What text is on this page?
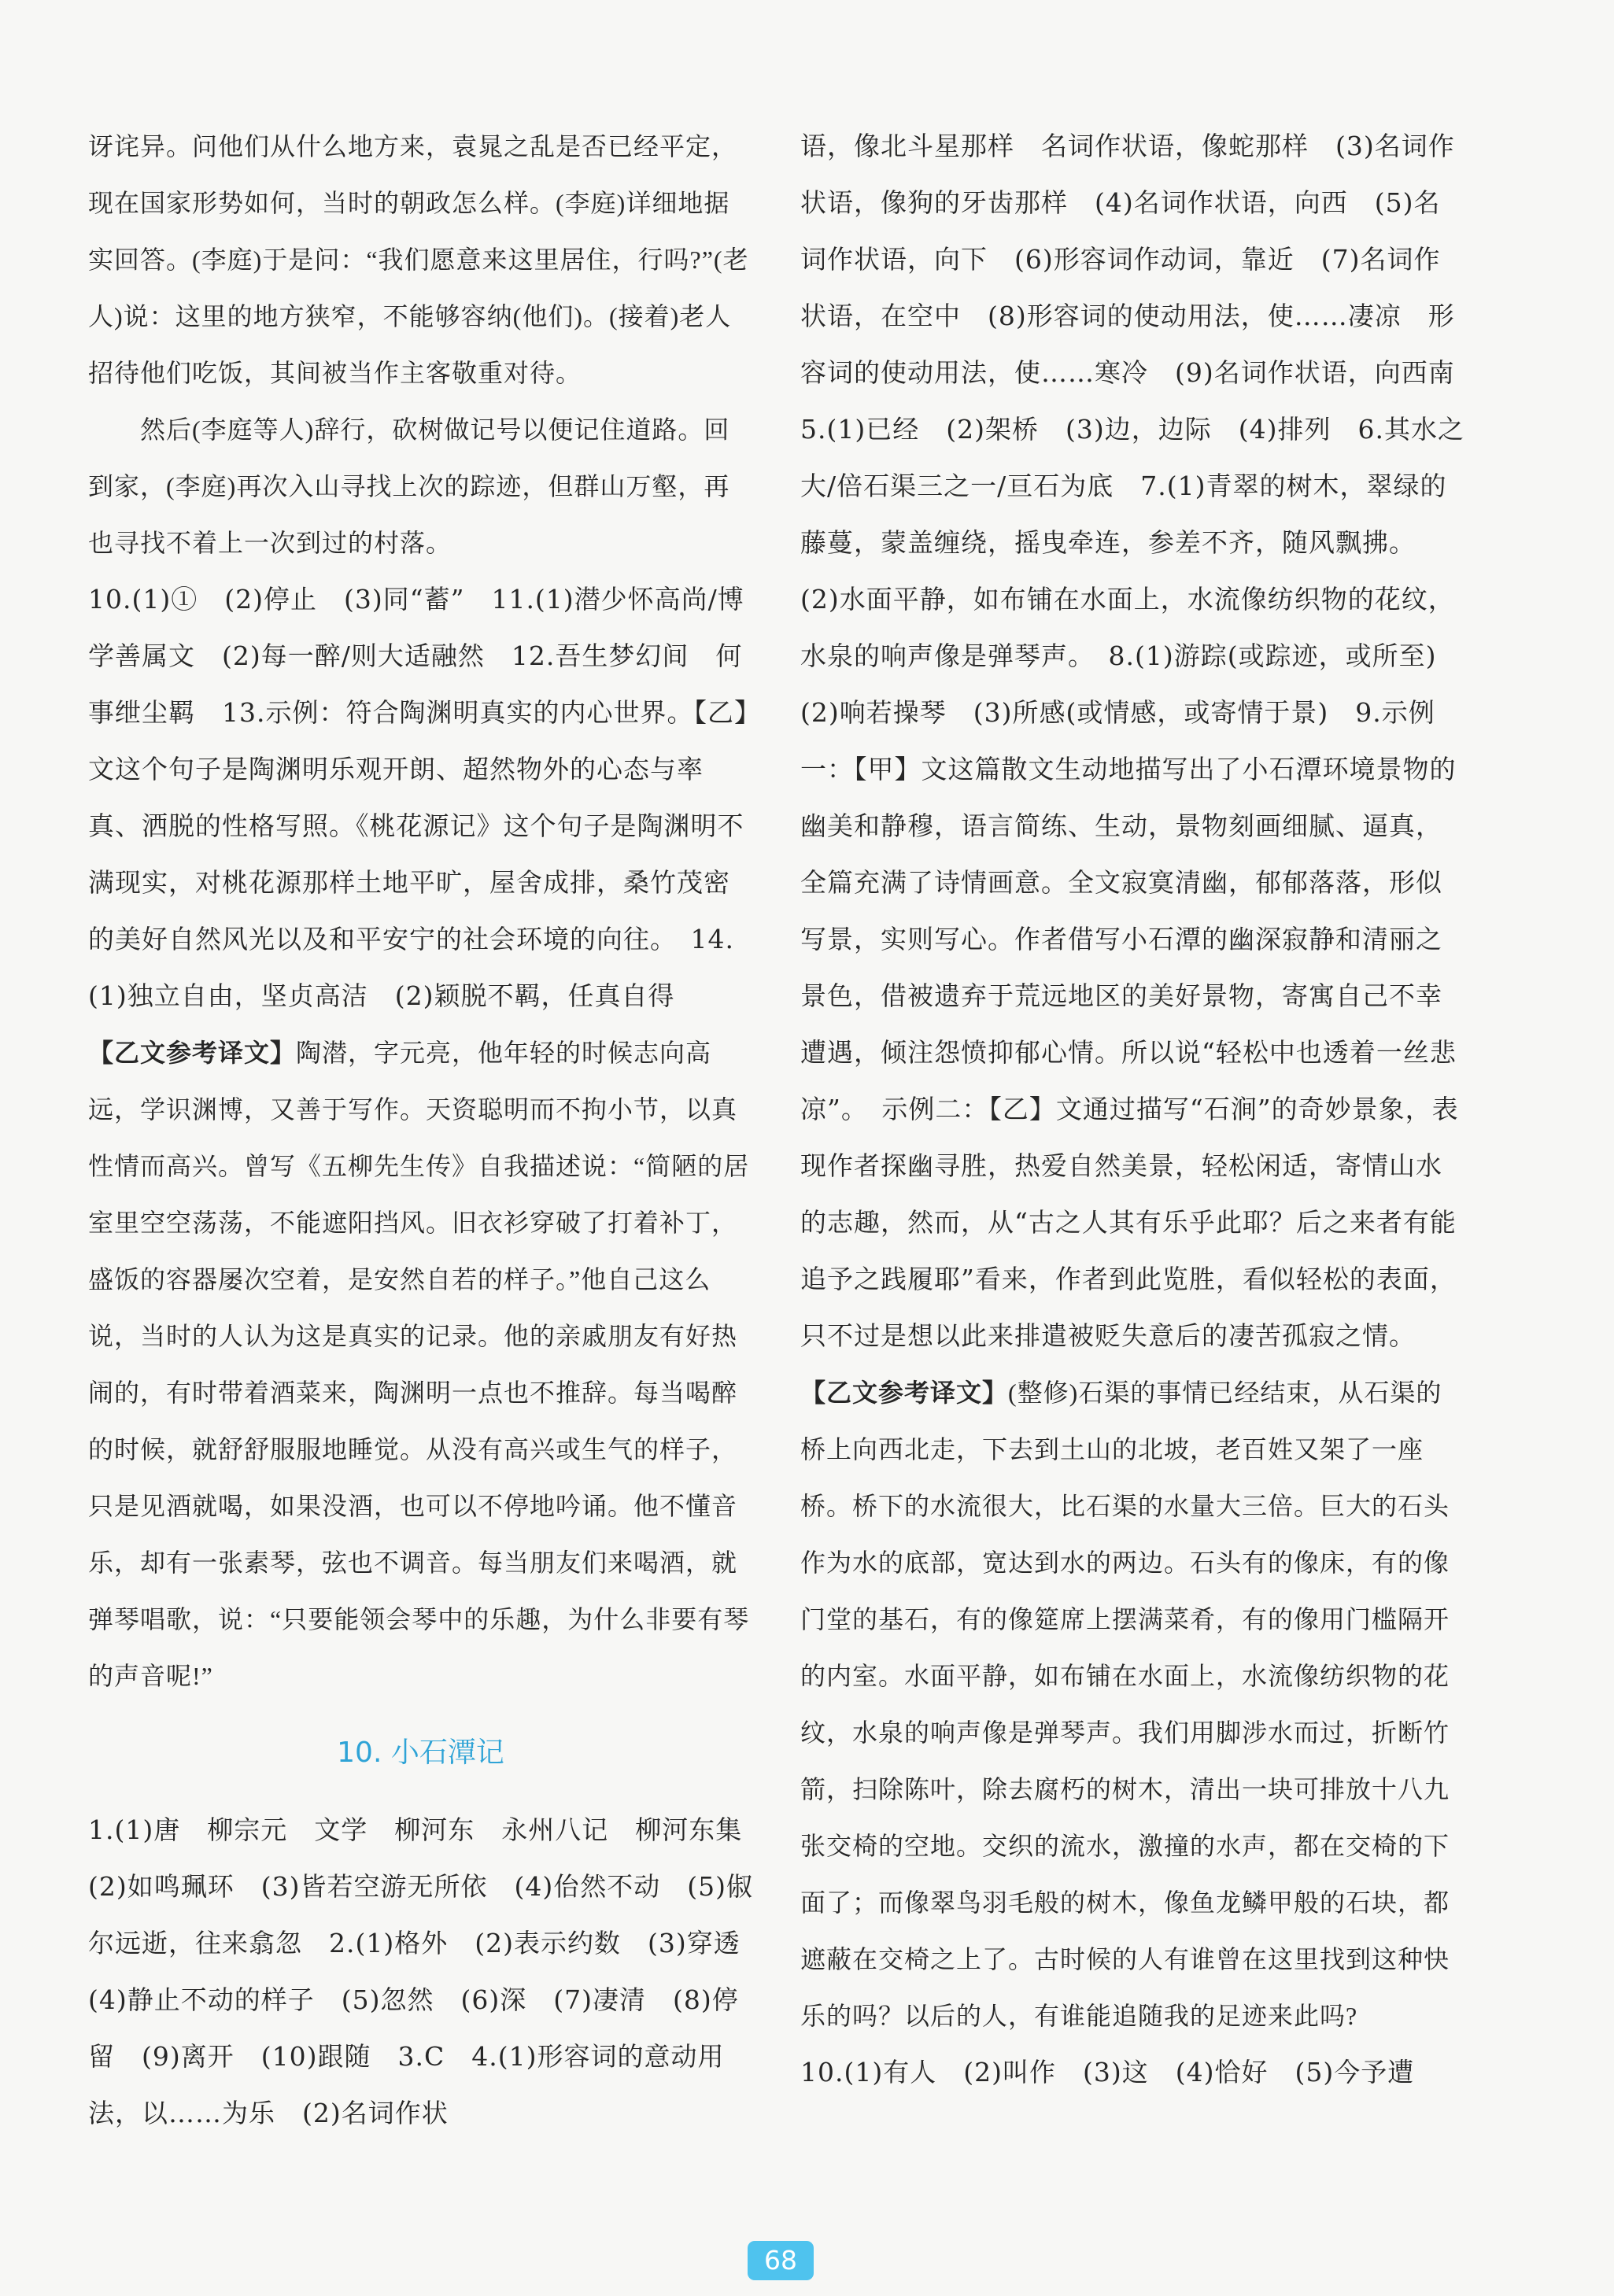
讶诧异。问他们从什么地方来，袁晁之乱是否已经平定，现在国家形势如何，当时的朝政怎么样。(李庭)详细地据实回答。(李庭)于是问：“我们愿意来这里居住，行吗?”(老人)说：这里的地方狭窄，不能够容纳(他们)。(接着)老人招待他们吃饭，其间被当作主客敬重对待。

然后(李庭等人)辞行，砍树做记号以便记住道路。回到家，(李庭)再次入山寻找上次的踪迹，但群山万壑，再也寻找不着上一次到过的村落。

10.(1)①　(2)停止　(3)同“蓄”　11.(1)潜少怀高尚/博学善属文　(2)每一醉/则大适融然　12.吾生梦幻间　何事绁尘羁　13.示例：符合陶渊明真实的内心世界。【乙】文这个句子是陶渊明乐观开朗、超然物外的心态与率真、洒脱的性格写照。《桃花源记》这个句子是陶渊明不满现实，对桃花源那样土地平旷，屋舍成排，桑竹茂密的美好自然风光以及和平安宁的社会环境的向往。　14.(1)独立自由，坚贞高洁　(2)颖脱不羁，任真自得

【乙文参考译文】陶潜，字元亮，他年轻的时候志向高远，学识渊博，又善于写作。天资聪明而不拘小节，以真性情而高兴。曾写《五柳先生传》自我描述说：“简陋的居室里空空荡荡，不能遮阳挡风。旧衣衫穿破了打着补丁，盛饭的容器屡次空着，是安然自若的样子。”他自己这么说，当时的人认为这是真实的记录。他的亲戚朋友有好热闹的，有时带着酒菜来，陶渊明一点也不推辞。每当喝醉的时候，就舒舒服服地睡觉。从没有高兴或生气的样子，只是见酒就喝，如果没酒，也可以不停地吟诵。他不懂音乐，却有一张素琴，弦也不调音。每当朋友们来喝酒，就弹琴唱歌，说：“只要能领会琴中的乐趣，为什么非要有琴的声音呢!”

10. 小石潭记

1.(1)唐　柳宗元　文学　柳河东　永州八记　柳河东集　(2)如鸣珮环　(3)皆若空游无所依　(4)佁然不动　(5)俶尔远逝，往来翕忽　2.(1)格外　(2)表示约数　(3)穿透　(4)静止不动的样子　(5)忽然　(6)深　(7)凄清　(8)停留　(9)离开　(10)跟随　3.C　4.(1)形容词的意动用法，以……为乐　(2)名词作状

语，像北斗星那样　名词作状语，像蛇那样　(3)名词作状语，像狗的牙齿那样　(4)名词作状语，向西　(5)名词作状语，向下　(6)形容词作动词，靠近　(7)名词作状语，在空中　(8)形容词的使动用法，使……凄凉　形容词的使动用法，使……寒冷　(9)名词作状语，向西南　5.(1)已经　(2)架桥　(3)边，边际　(4)排列　6.其水之大/倍石渠三之一/亘石为底　7.(1)青翠的树木，翠绿的藤蔓，蒙盖缠绕，摇曳牵连，参差不齐，随风飘拂。　(2)水面平静，如布铺在水面上，水流像纺织物的花纹，水泉的响声像是弹琴声。　8.(1)游踪(或踪迹，或所至)　(2)响若操琴　(3)所感(或情感，或寄情于景)　9.示例一：【甲】文这篇散文生动地描写出了小石潭环境景物的幽美和静穆，语言简练、生动，景物刻画细腻、逼真，全篇充满了诗情画意。全文寂寞清幽，郁郁落落，形似写景，实则写心。作者借写小石潭的幽深寂静和清丽之景色，借被遗弃于荒远地区的美好景物，寄寓自己不幸遭遇，倾注怨愤抑郁心情。所以说“轻松中也透着一丝悲凉”。　示例二：【乙】文通过描写“石涧”的奇妙景象，表现作者探幽寻胜，热爱自然美景，轻松闲适，寄情山水的志趣，然而，从“古之人其有乐乎此耶？后之来者有能追予之践履耶”看来，作者到此览胜，看似轻松的表面，只不过是想以此来排遣被贬失意后的凄苦孤寂之情。

【乙文参考译文】(整修)石渠的事情已经结束，从石渠的桥上向西北走，下去到土山的北坡，老百姓又架了一座桥。桥下的水流很大，比石渠的水量大三倍。巨大的石头作为水的底部，宽达到水的两边。石头有的像床，有的像门堂的基石，有的像筵席上摆满菜肴，有的像用门槛隔开的内室。水面平静，如布铺在水面上，水流像纺织物的花纹，水泉的响声像是弹琴声。我们用脚涉水而过，折断竹箭，扫除陈叶，除去腐朽的树木，清出一块可排放十八九张交椅的空地。交织的流水，激撞的水声，都在交椅的下面了；而像翠鸟羽毛般的树木，像鱼龙鳞甲般的石块，都遮蔽在交椅之上了。古时候的人有谁曾在这里找到这种快乐的吗？以后的人，有谁能追随我的足迹来此吗?

10.(1)有人　(2)叫作　(3)这　(4)恰好　(5)今予遭

68
